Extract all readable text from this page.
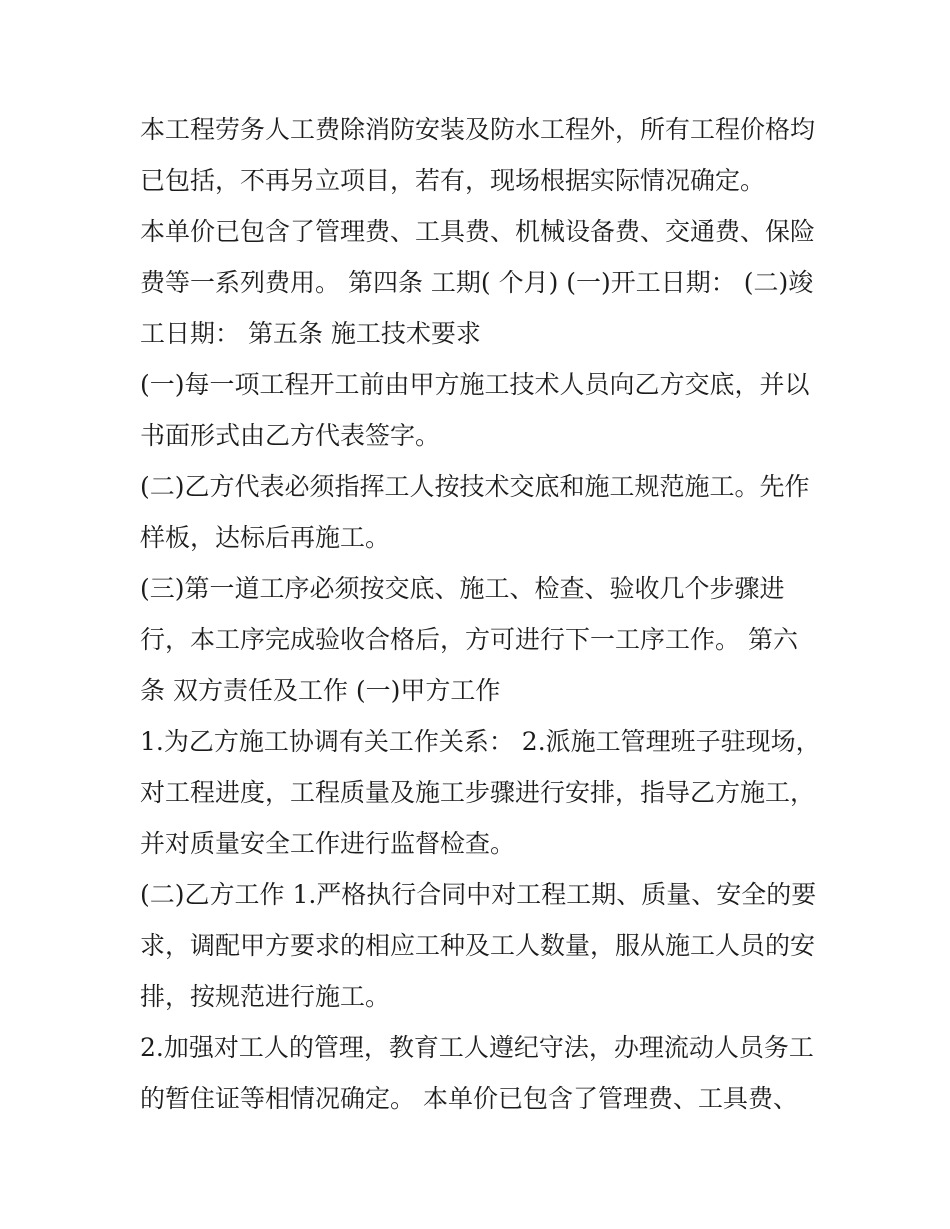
本工程劳务人工费除消防安装及防水工程外，所有工程价格均
已包括，不再另立项目，若有，现场根据实际情况确定。
本单价已包含了管理费、工具费、机械设备费、交通费、保险
费等一系列费用。 第四条 工期( 个月) (一)开工日期： (二)竣
工日期： 第五条 施工技术要求
(一)每一项工程开工前由甲方施工技术人员向乙方交底，并以
书面形式由乙方代表签字。
(二)乙方代表必须指挥工人按技术交底和施工规范施工。先作
样板，达标后再施工。
(三)第一道工序必须按交底、施工、检查、验收几个步骤进
行，本工序完成验收合格后，方可进行下一工序工作。 第六
条 双方责任及工作 (一)甲方工作
1.为乙方施工协调有关工作关系： 2.派施工管理班子驻现场，
对工程进度，工程质量及施工步骤进行安排，指导乙方施工，
并对质量安全工作进行监督检查。
(二)乙方工作 1.严格执行合同中对工程工期、质量、安全的要
求，调配甲方要求的相应工种及工人数量，服从施工人员的安
排，按规范进行施工。
2.加强对工人的管理，教育工人遵纪守法，办理流动人员务工
的暂住证等相情况确定。 本单价已包含了管理费、工具费、
